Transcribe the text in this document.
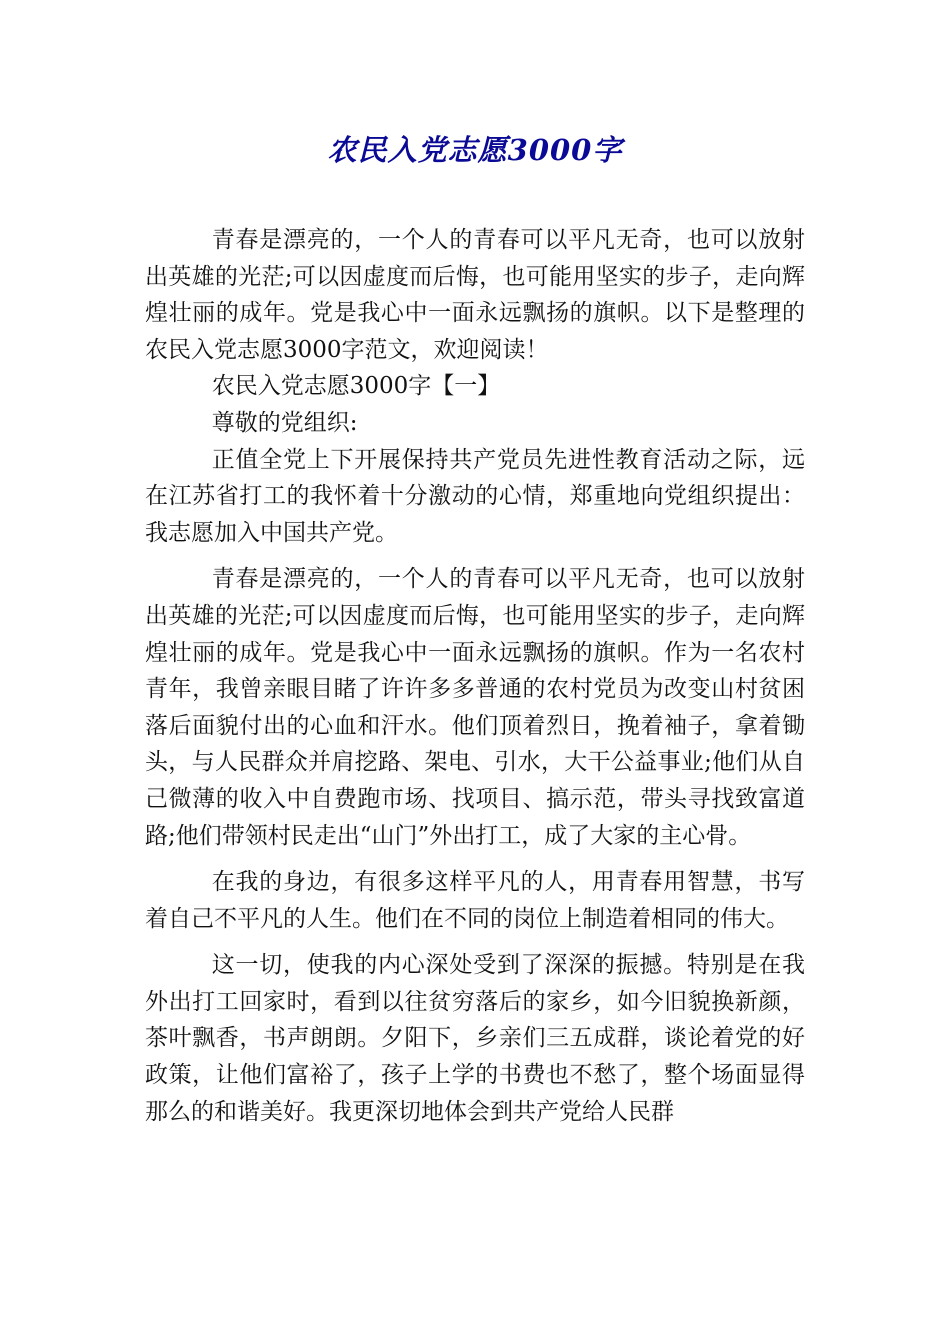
农民入党志愿3000字

青春是漂亮的，一个人的青春可以平凡无奇，也可以放射出英雄的光茫;可以因虚度而后悔，也可能用坚实的步子，走向辉煌壮丽的成年。党是我心中一面永远飘扬的旗帜。以下是整理的农民入党志愿3000字范文，欢迎阅读！

农民入党志愿3000字【一】

尊敬的党组织:

正值全党上下开展保持共产党员先进性教育活动之际，远在江苏省打工的我怀着十分激动的心情，郑重地向党组织提出：我志愿加入中国共产党。

青春是漂亮的，一个人的青春可以平凡无奇，也可以放射出英雄的光茫;可以因虚度而后悔，也可能用坚实的步子，走向辉煌壮丽的成年。党是我心中一面永远飘扬的旗帜。作为一名农村青年，我曾亲眼目睹了许许多多普通的农村党员为改变山村贫困落后面貌付出的心血和汗水。他们顶着烈日，挽着袖子，拿着锄头，与人民群众并肩挖路、架电、引水，大干公益事业;他们从自己微薄的收入中自费跑市场、找项目、搞示范，带头寻找致富道路;他们带领村民走出“山门”外出打工，成了大家的主心骨。

在我的身边，有很多这样平凡的人，用青春用智慧，书写着自己不平凡的人生。他们在不同的岗位上制造着相同的伟大。

这一切，使我的内心深处受到了深深的振撼。特别是在我外出打工回家时，看到以往贫穷落后的家乡，如今旧貌换新颜，茶叶飘香，书声朗朗。夕阳下，乡亲们三五成群，谈论着党的好政策，让他们富裕了，孩子上学的书费也不愁了，整个场面显得那么的和谐美好。我更深切地体会到共产党给人民群
